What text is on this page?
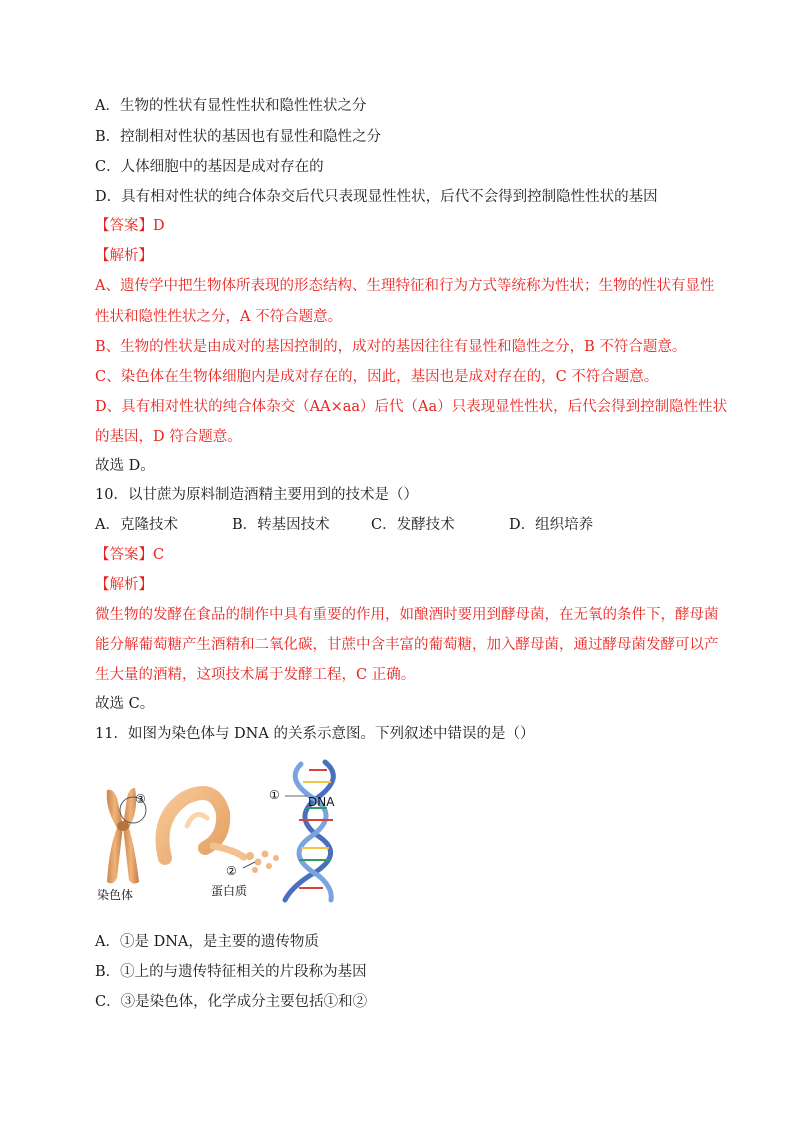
A．生物的性状有显性性状和隐性性状之分
B．控制相对性状的基因也有显性和隐性之分
C．人体细胞中的基因是成对存在的
D．具有相对性状的纯合体杂交后代只表现显性性状，后代不会得到控制隐性性状的基因
【答案】D
【解析】
A、遗传学中把生物体所表现的形态结构、生理特征和行为方式等统称为性状；生物的性状有显性
性状和隐性性状之分，A 不符合题意。
B、生物的性状是由成对的基因控制的，成对的基因往往有显性和隐性之分，B 不符合题意。
C、染色体在生物体细胞内是成对存在的，因此，基因也是成对存在的，C 不符合题意。
D、具有相对性状的纯合体杂交（AA×aa）后代（Aa）只表现显性性状，后代会得到控制隐性性状
的基因，D 符合题意。
故选 D。
10．以甘蔗为原料制造酒精主要用到的技术是（）
A．克隆技术	B．转基因技术	C．发酵技术	D．组织培养
【答案】C
【解析】
微生物的发酵在食品的制作中具有重要的作用，如酿酒时要用到酵母菌，在无氧的条件下，酵母菌
能分解葡萄糖产生酒精和二氧化碳，甘蔗中含丰富的葡萄糖，加入酵母菌，通过酵母菌发酵可以产
生大量的酒精，这项技术属于发酵工程，C 正确。
故选 C。
11．如图为染色体与 DNA 的关系示意图。下列叙述中错误的是（）
③	① DNA
②
蛋白质
染色体
A．①是 DNA，是主要的遗传物质
B．①上的与遗传特征相关的片段称为基因
C．③是染色体，化学成分主要包括①和②
